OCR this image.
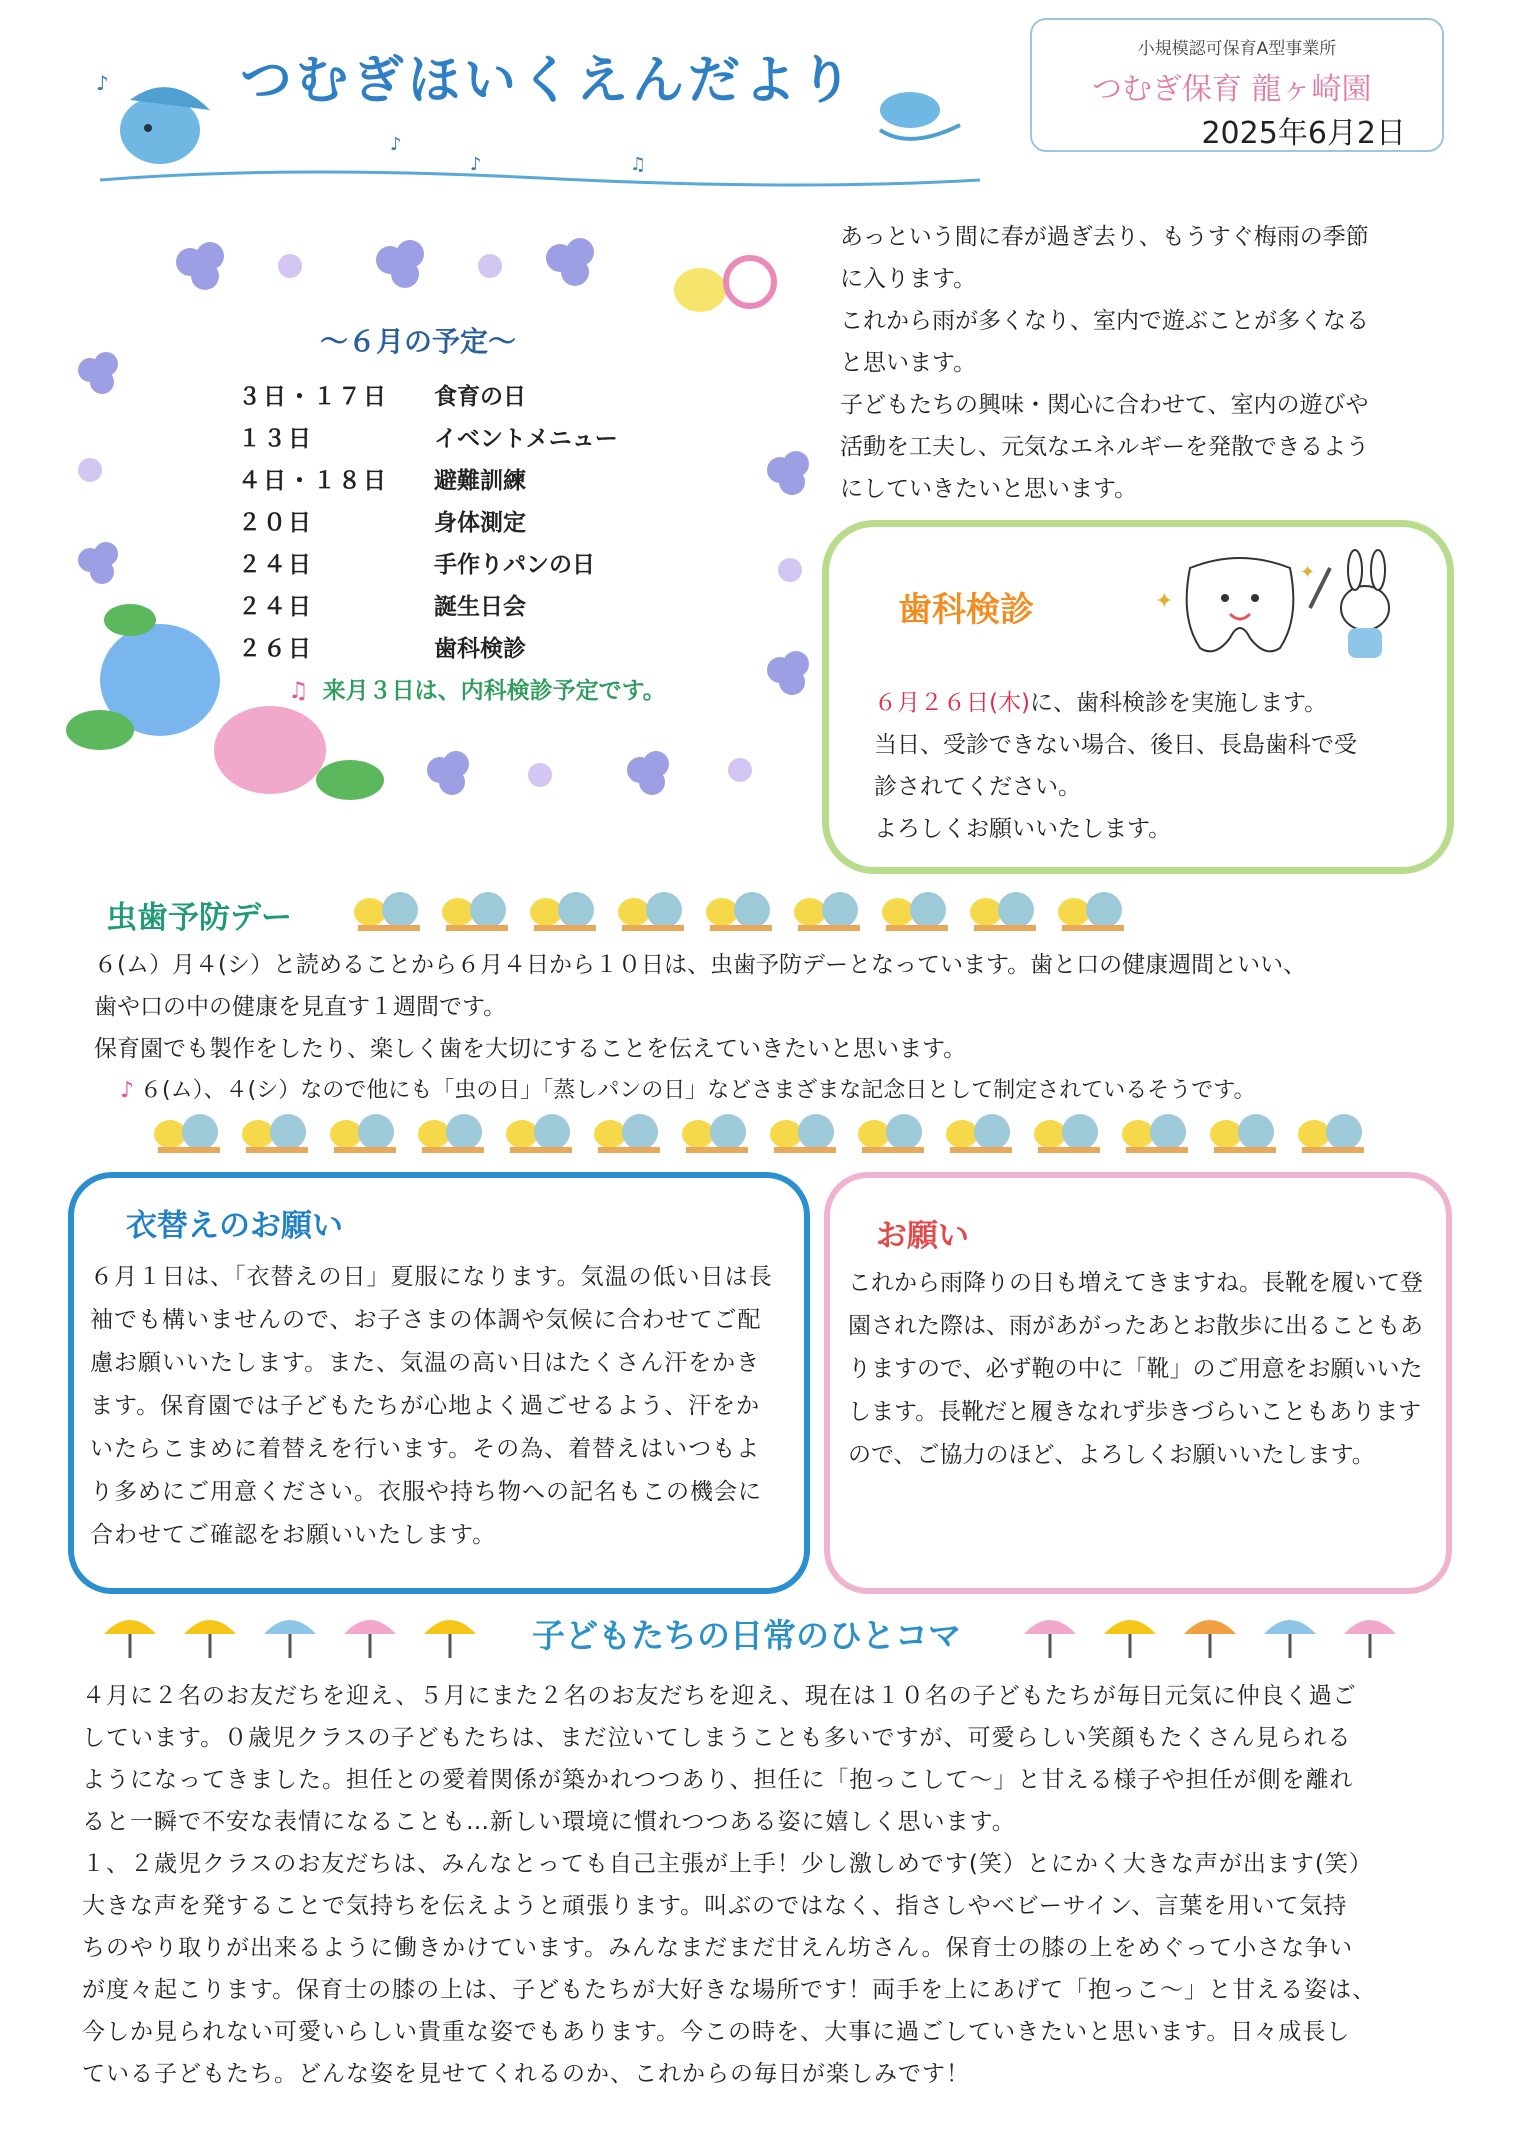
♪
♪
♪	♫
つむぎほいくえんだより
小規模認可保育A型事業所
つむぎ保育 龍ヶ崎園
2025年6月2日
～６月の予定～
３日・１７日 食育の日
１３日	イベントメニュー
４日・１８日 避難訓練
２０日	身体測定
２４日	手作りパンの日
２４日	誕生日会
２６日	歯科検診
♫ 来月３日は、内科検診予定です。

あっという間に春が過ぎ去り、もうすぐ梅雨の季節

に入ります。

これから雨が多くなり、室内で遊ぶことが多くなる

と思います。

子どもたちの興味・関心に合わせて、室内の遊びや

活動を工夫し、元気なエネルギーを発散できるよう

にしていきたいと思います。

歯科検診	✦
✦

６月２６日(木)に、歯科検診を実施します。

当日、受診できない場合、後日、長島歯科で受

診されてください。

よろしくお願いいたします。

虫歯予防デー

６(ム）月４(シ）と読めることから６月４日から１０日は、虫歯予防デーとなっています。歯と口の健康週間といい、

歯や口の中の健康を見直す１週間です。

保育園でも製作をしたり、楽しく歯を大切にすることを伝えていきたいと思います。

♪ ６(ム）、４(シ）なので他にも「虫の日」「蒸しパンの日」などさまざまな記念日として制定されているそうです。

衣替えのお願い
６月１日は、「衣替えの日」夏服になります。気温の低い日は長袖でも構いませんので、お子さまの体調や気候に合わせてご配慮お願いいたします。また、気温の高い日はたくさん汗をかきます。保育園では子どもたちが心地よく過ごせるよう、汗をかいたらこまめに着替えを行います。その為、着替えはいつもより多めにご用意ください。衣服や持ち物への記名もこの機会に合わせてご確認をお願いいたします。
お願い
これから雨降りの日も増えてきますね。長靴を履いて登園された際は、雨があがったあとお散歩に出ることもありますので、必ず鞄の中に「靴」のご用意をお願いいたします。長靴だと履きなれず歩きづらいこともありますので、ご協力のほど、よろしくお願いいたします。
子どもたちの日常のひとコマ

４月に２名のお友だちを迎え、５月にまた２名のお友だちを迎え、現在は１０名の子どもたちが毎日元気に仲良く過ご

しています。０歳児クラスの子どもたちは、まだ泣いてしまうことも多いですが、可愛らしい笑顔もたくさん見られる

ようになってきました。担任との愛着関係が築かれつつあり、担任に「抱っこして～」と甘える様子や担任が側を離れ

ると一瞬で不安な表情になることも…新しい環境に慣れつつある姿に嬉しく思います。

１、２歳児クラスのお友だちは、みんなとっても自己主張が上手！少し激しめです(笑）とにかく大きな声が出ます(笑）

大きな声を発することで気持ちを伝えようと頑張ります。叫ぶのではなく、指さしやベビーサイン、言葉を用いて気持

ちのやり取りが出来るように働きかけています。みんなまだまだ甘えん坊さん。保育士の膝の上をめぐって小さな争い

が度々起こります。保育士の膝の上は、子どもたちが大好きな場所です！両手を上にあげて「抱っこ～」と甘える姿は、

今しか見られない可愛いらしい貴重な姿でもあります。今この時を、大事に過ごしていきたいと思います。日々成長し

ている子どもたち。どんな姿を見せてくれるのか、これからの毎日が楽しみです！
